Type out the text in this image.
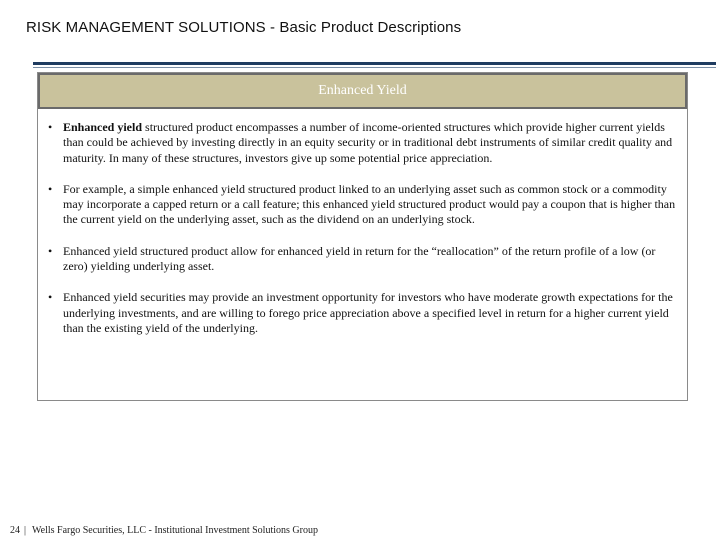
RISK MANAGEMENT SOLUTIONS - Basic Product Descriptions
Enhanced Yield
• Enhanced yield structured product encompasses a number of income-oriented structures which provide higher current yields than could be achieved by investing directly in an equity security or in traditional debt instruments of similar credit quality and maturity. In many of these structures, investors give up some potential price appreciation.
• For example, a simple enhanced yield structured product linked to an underlying asset such as common stock or a commodity may incorporate a capped return or a call feature; this enhanced yield structured product would pay a coupon that is higher than the current yield on the underlying asset, such as the dividend on an underlying stock.
• Enhanced yield structured product allow for enhanced yield in return for the “reallocation” of the return profile of a low (or zero) yielding underlying asset.
• Enhanced yield securities may provide an investment opportunity for investors who have moderate growth expectations for the underlying investments, and are willing to forego price appreciation above a specified level in return for a higher current yield than the existing yield of the underlying.
24 | Wells Fargo Securities, LLC - Institutional Investment Solutions Group
